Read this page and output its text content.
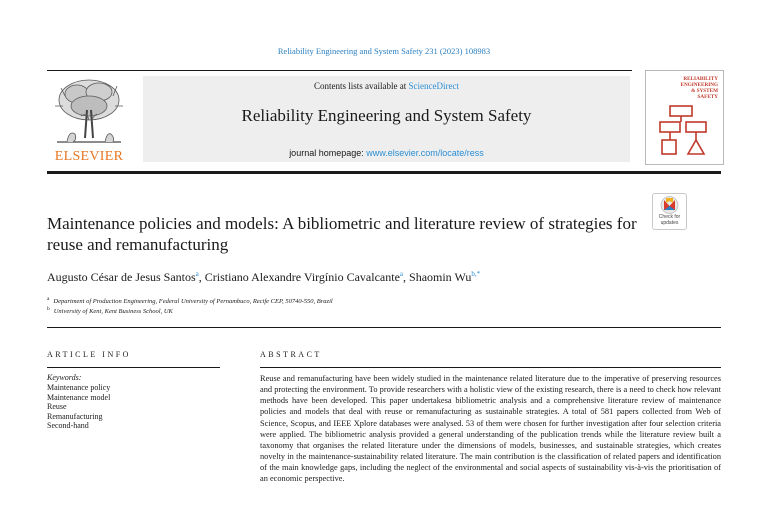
Reliability Engineering and System Safety 231 (2023) 108983
ELSEVIER
Contents lists available at ScienceDirect
Reliability Engineering and System Safety
journal homepage: www.elsevier.com/locate/ress
RELIABILITY
ENGINEERING
& SYSTEM
SAFETY
Check for
updates
Maintenance policies and models: A bibliometric and literature review of strategies for reuse and remanufacturing
Augusto César de Jesus Santos$^a$, Cristiano Alexandre Virgínio Cavalcante$^a$, Shaomin $Wu^{b,*}$
$^a$ Department of Production Engineering, Federal University of Pernambuco, Recife CEP, 50740-550, Brazil
$^b$ University of Kent, Kent Business School, UK
ARTICLE INFO
Keywords:
Maintenance policy
Maintenance model
Reuse
Remanufacturing
Second-hand
ABSTRACT
Reuse and remanufacturing have been widely studied in the maintenance related literature due to the imperative of preserving resources and protecting the environment. To provide researchers with a holistic view of the existing research, there is a need to check how relevant methods have been developed. This paper undertakesa bibliometric analysis and a comprehensive literature review of maintenance policies and models that deal with reuse or remanufacturing as sustainable strategies. A total of 581 papers collected from Web of Science, Scopus, and IEEE Xplore databases were analysed. 53 of them were chosen for further investigation after four selection criteria were applied. The bibliometric analysis provided a general understanding of the publication trends while the literature review built a taxonomy that organises the related literature under the dimensions of models, businesses, and sustainable strategies, which creates novelty in the maintenance-sustainability related literature. The main contribution is the classification of related papers and identification of the main knowledge gaps, including the neglect of the environmental and social aspects of sustainability vis-à-vis the prioritisation of an economic perspective.
